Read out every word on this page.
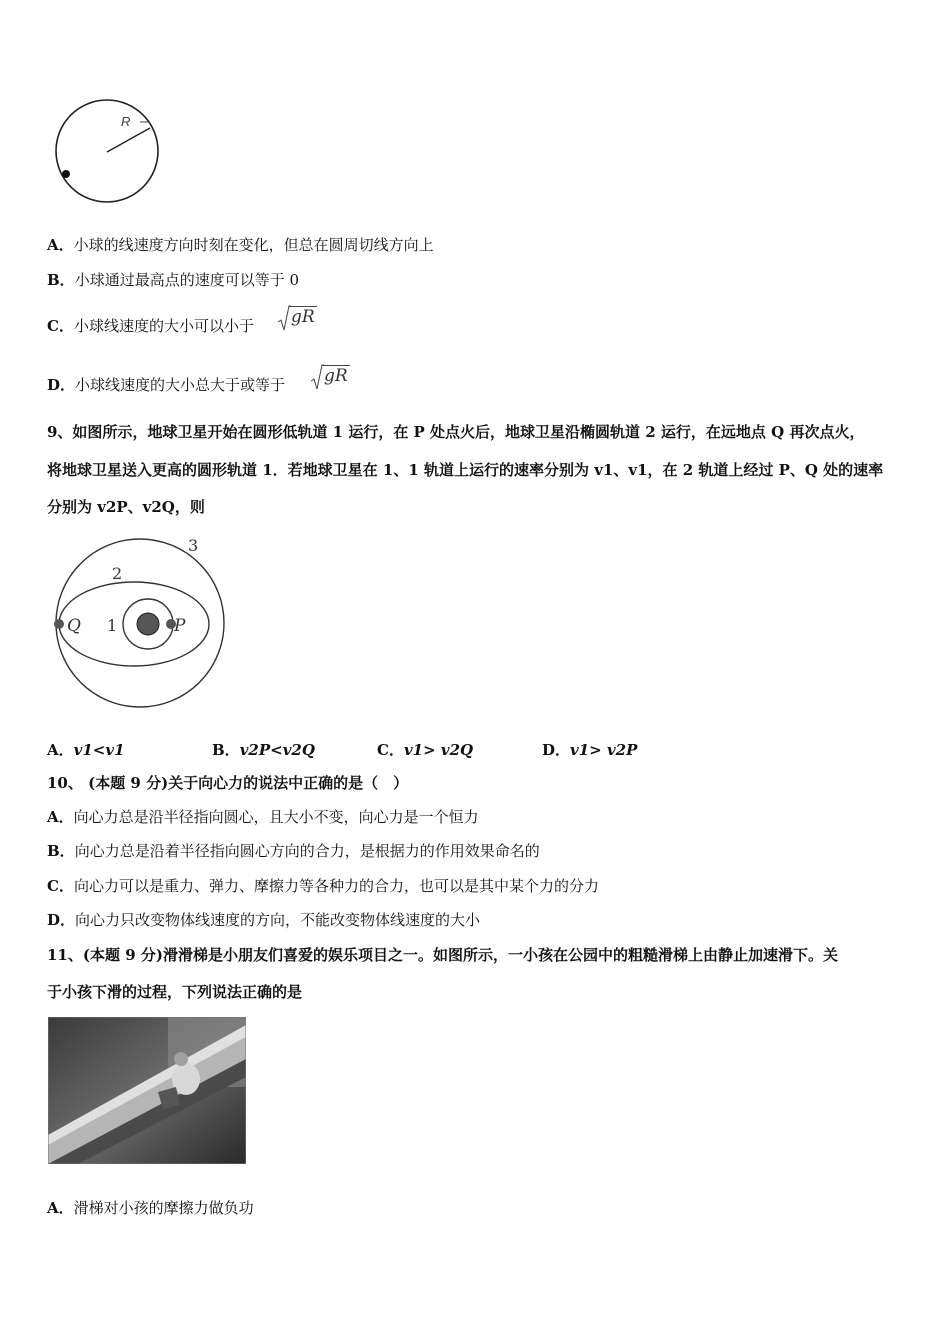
R
A．小球的线速度方向时刻在变化，但总在圆周切线方向上
B．小球通过最高点的速度可以等于 0
C．小球线速度的大小可以小于 gR
D．小球线速度的大小总大于或等于 gR
9、如图所示，地球卫星开始在圆形低轨道 1 运行，在 P 处点火后，地球卫星沿椭圆轨道 2 运行，在远地点 Q 再次点火，
将地球卫星送入更高的圆形轨道 1．若地球卫星在 1、1 轨道上运行的速率分别为 v1、v1，在 2 轨道上经过 P、Q 处的速率
分别为 v2P、v2Q，则
Q	P
1
2
3
A．v1<v1	B．v2P<v2Q	C．v1> v2Q	D．v1> v2P
10、 (本题 9 分)关于向心力的说法中正确的是（　）
A．向心力总是沿半径指向圆心，且大小不变，向心力是一个恒力
B．向心力总是沿着半径指向圆心方向的合力，是根据力的作用效果命名的
C．向心力可以是重力、弹力、摩擦力等各种力的合力，也可以是其中某个力的分力
D．向心力只改变物体线速度的方向，不能改变物体线速度的大小
11、(本题 9 分)滑滑梯是小朋友们喜爱的娱乐项目之一。如图所示，一小孩在公园中的粗糙滑梯上由静止加速滑下。关
于小孩下滑的过程，下列说法正确的是
A．滑梯对小孩的摩擦力做负功
